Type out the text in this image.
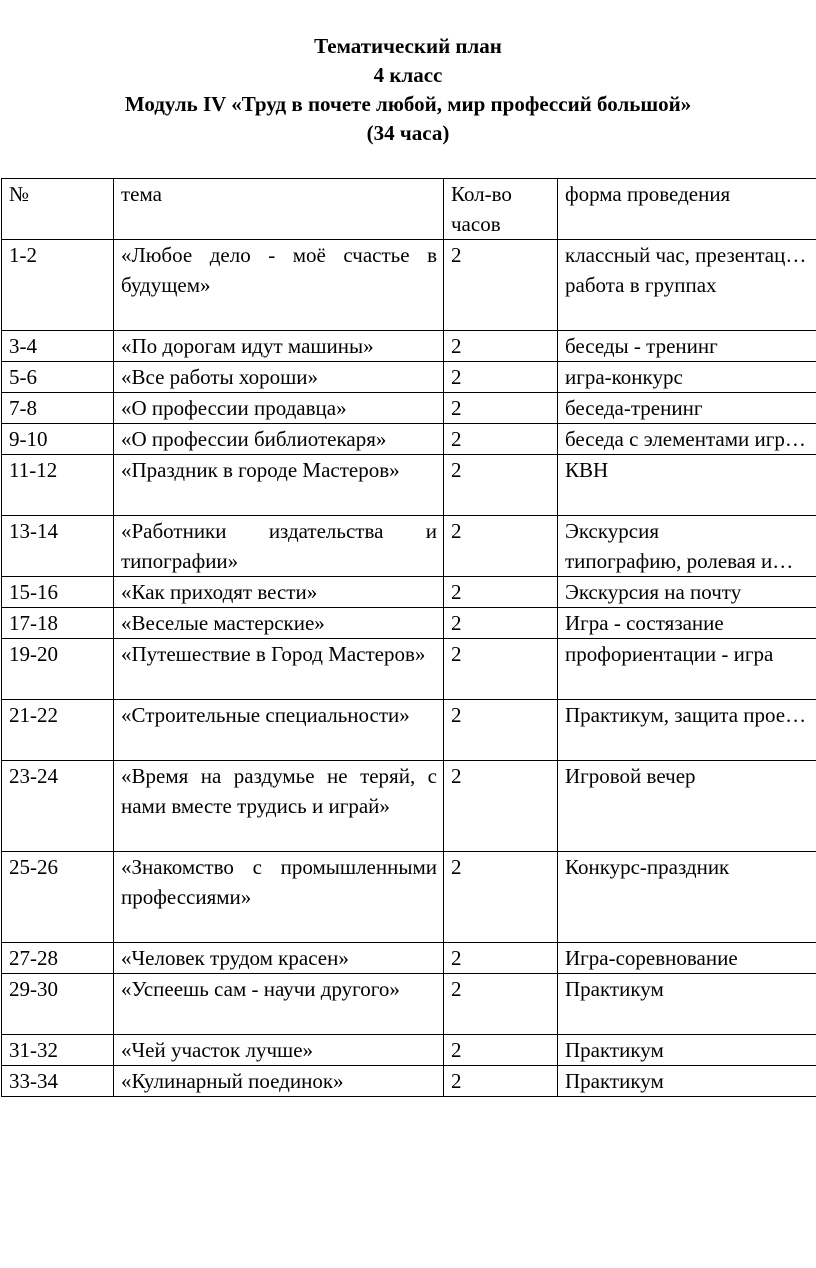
Тематический план
4 класс
Модуль IV «Труд в почете любой, мир профессий большой»
(34 часа)
№	тема	Кол-во часов	форма проведения
1-2	«Любое дело - моё счастье в будущем»	2	классный час, презентац…
работа в группах

3-4	«По дорогам идут машины»	2	беседы - тренинг
5-6	«Все работы хороши»	2	игра-конкурс
7-8	«О профессии продавца»	2	беседа-тренинг
9-10	«О профессии библиотекаря»	2	беседа с элементами игр…
11-12	«Праздник в городе Мастеров»	2	КВН
13-14	«Работники издательства и типографии»	2	Экскурсия
типографию, ролевая и…

15-16	«Как приходят вести»	2	Экскурсия на почту
17-18	«Веселые мастерские»	2	Игра - состязание
19-20	«Путешествие в Город Мастеров»	2	профориентации - игра
21-22	«Строительные специальности»	2	Практикум, защита прое…
23-24	«Время на раздумье не теряй, с нами вместе трудись и играй»	2	Игровой вечер
25-26	«Знакомство с промышленными профессиями»	2	Конкурс-праздник
27-28	«Человек трудом красен»	2	Игра-соревнование
29-30	«Успеешь сам - научи другого»	2	Практикум
31-32	«Чей участок лучше»	2	Практикум
33-34	«Кулинарный поединок»	2	Практикум
